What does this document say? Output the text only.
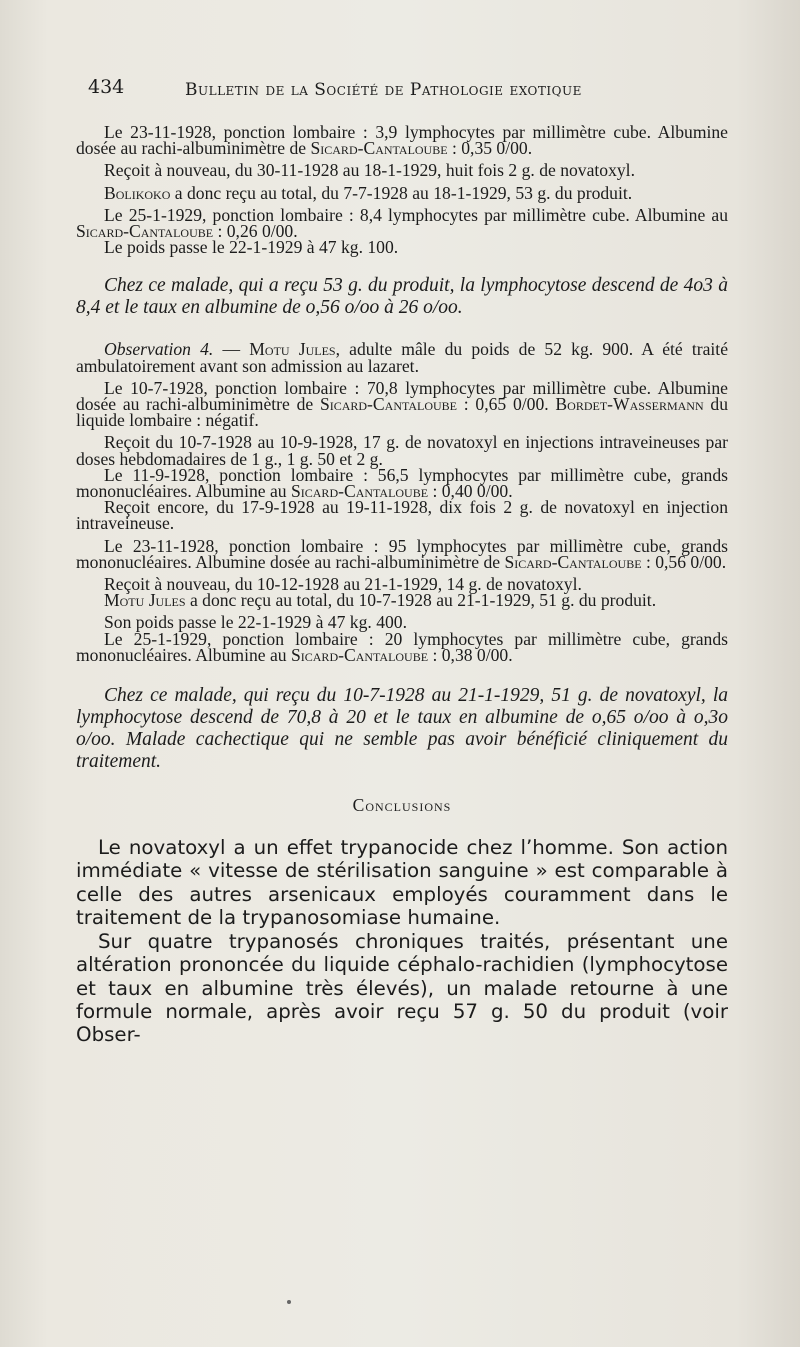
434	Bulletin de la Société de Pathologie exotique

Le 23-11-1928, ponction lombaire : 3,9 lymphocytes par millimètre cube. Albumine dosée au rachi-albuminimètre de Sicard-Cantaloube : 0,35 0/00.

Reçoit à nouveau, du 30-11-1928 au 18-1-1929, huit fois 2 g. de novatoxyl.

Bolikoko a donc reçu au total, du 7-7-1928 au 18-1-1929, 53 g. du produit.

Le 25-1-1929, ponction lombaire : 8,4 lymphocytes par millimètre cube. Albumine au Sicard-Cantaloube : 0,26 0/00.

Le poids passe le 22-1-1929 à 47 kg. 100.

Chez ce malade, qui a reçu 53 g. du produit, la lymphocytose descend de 4o3 à 8,4 et le taux en albumine de o,56 o/oo à 26 o/oo.

Observation 4. — Motu Jules, adulte mâle du poids de 52 kg. 900. A été traité ambulatoirement avant son admission au lazaret.

Le 10-7-1928, ponction lombaire : 70,8 lymphocytes par millimètre cube. Albumine dosée au rachi-albuminimètre de Sicard-Cantaloube : 0,65 0/00. Bordet-Wassermann du liquide lombaire : négatif.

Reçoit du 10-7-1928 au 10-9-1928, 17 g. de novatoxyl en injections intraveineuses par doses hebdomadaires de 1 g., 1 g. 50 et 2 g.

Le 11-9-1928, ponction lombaire : 56,5 lymphocytes par millimètre cube, grands mononucléaires. Albumine au Sicard-Cantaloube : 0,40 0/00.

Reçoit encore, du 17-9-1928 au 19-11-1928, dix fois 2 g. de novatoxyl en injection intraveineuse.

Le 23-11-1928, ponction lombaire : 95 lymphocytes par millimètre cube, grands mononucléaires. Albumine dosée au rachi-albuminimètre de Sicard-Cantaloube : 0,56 0/00.

Reçoit à nouveau, du 10-12-1928 au 21-1-1929, 14 g. de novatoxyl.

Motu Jules a donc reçu au total, du 10-7-1928 au 21-1-1929, 51 g. du produit.

Son poids passe le 22-1-1929 à 47 kg. 400.

Le 25-1-1929, ponction lombaire : 20 lymphocytes par millimètre cube, grands mononucléaires. Albumine au Sicard-Cantaloube : 0,38 0/00.

Chez ce malade, qui reçu du 10-7-1928 au 21-1-1929, 51 g. de novatoxyl, la lymphocytose descend de 70,8 à 20 et le taux en albumine de o,65 o/oo à o,3o o/oo. Malade cachectique qui ne semble pas avoir bénéficié cliniquement du traitement.

Conclusions

Le novatoxyl a un effet trypanocide chez l’homme. Son action immédiate « vitesse de stérilisation sanguine » est comparable à celle des autres arsenicaux employés couramment dans le traitement de la trypanosomiase humaine.

Sur quatre trypanosés chroniques traités, présentant une altération prononcée du liquide céphalo-rachidien (lymphocytose et taux en albumine très élevés), un malade retourne à une formule normale, après avoir reçu 57 g. 50 du produit (voir Obser-
